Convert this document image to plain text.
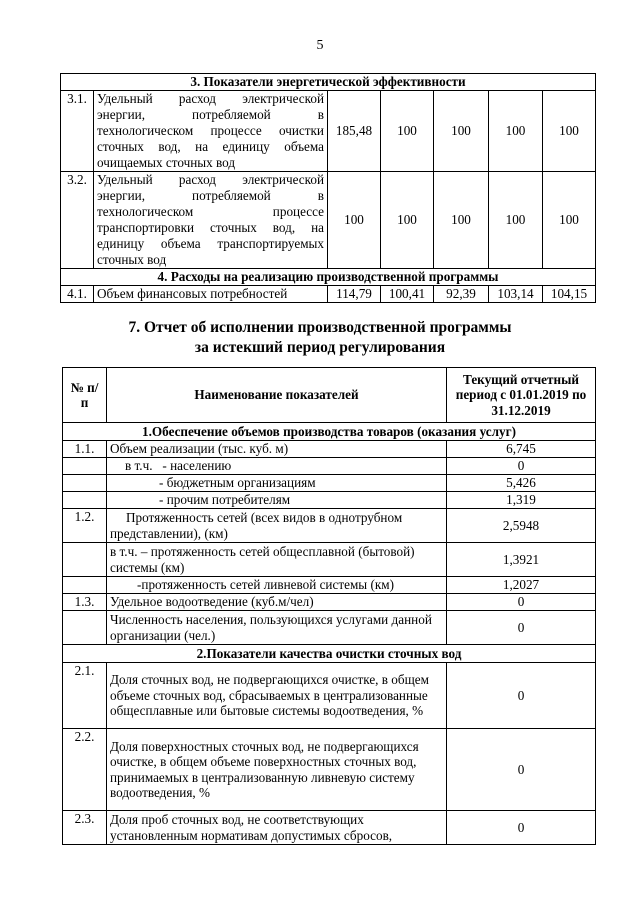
5
3. Показатели энергетической эффективности						
3.1.	Удельный расход электрической энергии, потребляемой в технологическом процессе очистки сточных вод, на единицу объема очищаемых сточных вод	185,48	100	100	100	100
3.2.	Удельный расход электрической энергии, потребляемой в технологическом процессе транспортировки сточных вод, на единицу объема транспортируемых сточных вод	100	100	100	100	100
4. Расходы на реализацию производственной программы						
4.1.	Объем финансовых потребностей	114,79	100,41	92,39	103,14	104,15
7. Отчет об исполнении производственной программы
за истекший период регулирования
№ п/п	Наименование показателей	Текущий отчетный период с 01.01.2019 по 31.12.2019
1.Обеспечение объемов производства товаров (оказания услуг)		
1.1.	Объем реализации (тыс. куб. м)	6,745
	в т.ч.   - населению	0
	- бюджетным организациям	5,426
	- прочим потребителям	1,319
1.2.	Протяженность сетей (всех видов в однотрубном представлении), (км)	2,5948
	в т.ч. – протяженность сетей общесплавной (бытовой) системы (км)	1,3921
	-протяженность сетей ливневой системы (км)	1,2027
1.3.	Удельное водоотведение (куб.м/чел)	0
	Численность населения, пользующихся услугами данной организации (чел.)	0
2.Показатели качества очистки сточных вод		
2.1.	Доля сточных вод, не подвергающихся очистке, в общем объеме сточных вод, сбрасываемых в централизованные общесплавные или бытовые системы водоотведения, %	0
2.2.	Доля поверхностных сточных вод, не подвергающихся очистке, в общем объеме поверхностных сточных вод, принимаемых в централизованную ливневую систему водоотведения, %	0
2.3.	Доля проб сточных вод, не соответствующих установленным нормативам допустимых сбросов,	0
